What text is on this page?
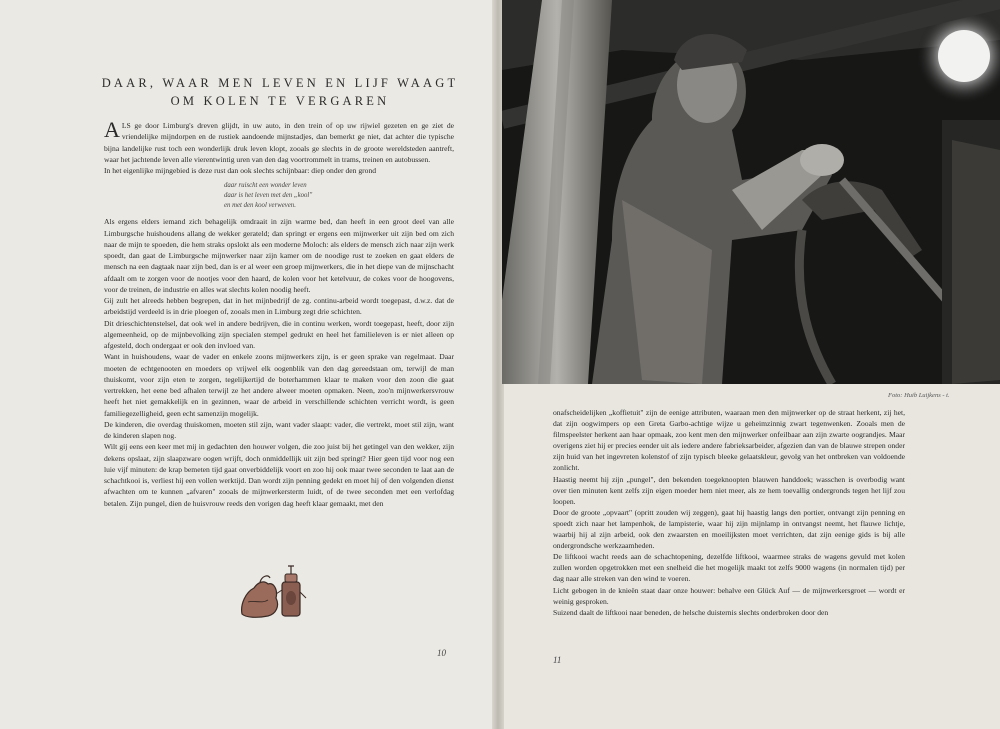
DAAR, WAAR MEN LEVEN EN LIJF WAAGT
OM KOLEN TE VERGAREN

ALS ge door Limburg's dreven glijdt, in uw auto, in den trein of op uw rijwiel gezeten en ge ziet de vriendelijke mijndorpen en de rustiek aandoende mijnstadjes, dan bemerkt ge niet, dat achter die typische bijna landelijke rust toch een wonderlijk druk leven klopt, zooals ge slechts in de groote wereldsteden aantreft, waar het jachtende leven alle vierentwintig uren van den dag voortrommelt in trams, treinen en autobussen.

In het eigenlijke mijngebied is deze rust dan ook slechts schijnbaar: diep onder den grond

daar ruischt een wonder leven
daar is het leven met den „kool"
en met den kool verweven.

Als ergens elders iemand zich behagelijk omdraait in zijn warme bed, dan heeft in een groot deel van alle Limburgsche huishoudens allang de wekker gerateld; dan springt er ergens een mijnwerker uit zijn bed om zich naar de mijn te spoeden, die hem straks opslokt als een moderne Moloch: als elders de mensch zich naar zijn werk spoedt, dan gaat de Limburgsche mijnwerker naar zijn kamer om de noodige rust te zoeken en gaat elders de mensch na een dagtaak naar zijn bed, dan is er al weer een groep mijnwerkers, die in het diepe van de mijnschacht afdaalt om te zorgen voor de nootjes voor den haard, de kolen voor het ketelvuur, de cokes voor de hoogovens, voor de treinen, de industrie en alles wat slechts kolen noodig heeft.

Gij zult het alreeds hebben begrepen, dat in het mijnbedrijf de zg. continu-arbeid wordt toegepast, d.w.z. dat de arbeidstijd verdeeld is in drie ploegen of, zooals men in Limburg zegt drie schichten.

Dit drieschichtenstelsel, dat ook wel in andere bedrijven, die in continu werken, wordt toegepast, heeft, door zijn algemeenheid, op de mijnbevolking zijn specialen stempel gedrukt en heel het familieleven is er niet alleen op afgesteld, doch ondergaat er ook den invloed van.

Want in huishoudens, waar de vader en enkele zoons mijnwerkers zijn, is er geen sprake van regelmaat. Daar moeten de echtgenooten en moeders op vrijwel elk oogenblik van den dag gereedstaan om, terwijl de man thuiskomt, voor zijn eten te zorgen, tegelijkertijd de boterhammen klaar te maken voor den zoon die gaat vertrekken, het eene bed afhalen terwijl ze het andere alweer moeten opmaken. Neen, zoo'n mijnwerkersvrouw heeft het niet gemakkelijk en in gezinnen, waar de arbeid in verschillende schichten verricht wordt, is geen familiegezelligheid, geen echt samenzijn mogelijk.

De kinderen, die overdag thuiskomen, moeten stil zijn, want vader slaapt: vader, die vertrekt, moet stil zijn, want de kinderen slapen nog.

Wilt gij eens een keer met mij in gedachten den houwer volgen, die zoo juist bij het getingel van den wekker, zijn dekens opslaat, zijn slaapzware oogen wrijft, doch onmiddellijk uit zijn bed springt? Hier geen tijd voor nog een luie vijf minuten: de krap bemeten tijd gaat onverbiddelijk voort en zoo hij ook maar twee seconden te laat aan de schachtkooi is, verliest hij een vollen werktijd. Dan wordt zijn penning gedekt en moet hij of den volgenden dienst afwachten om te kunnen „afvaren" zooals de mijnwerkersterm luidt, of de twee seconden met een verlofdag betalen. Zijn pungel, dien de huisvrouw reeds den vorigen dag heeft klaar gemaakt, met den

10
Foto: Huib Luijkens - t.

onafscheidelijken „koffietuit" zijn de eenige attributen, waaraan men den mijnwerker op de straat herkent, zij het, dat zijn oogwimpers op een Greta Garbo-achtige wijze u geheimzinnig zwart tegenwenken. Zooals men de filmspeelster herkent aan haar opmaak, zoo kent men den mijnwerker onfeilbaar aan zijn zwarte oograndjes. Maar overigens ziet hij er precies eender uit als iedere andere fabrieksarbeider, afgezien dan van de blauwe strepen onder zijn huid van het ingevreten kolenstof of zijn typisch bleeke gelaatskleur, gevolg van het ontbreken van voldoende zonlicht.

Haastig neemt hij zijn „pungel", den bekenden toegeknoopten blauwen handdoek; wasschen is overbodig want over tien minuten kent zelfs zijn eigen moeder hem niet meer, als ze hem toevallig ondergronds tegen het lijf zou loopen.

Door de groote „opvaart" (opritt zouden wij zeggen), gaat hij haastig langs den portier, ontvangt zijn penning en spoedt zich naar het lampenhok, de lampisterie, waar hij zijn mijnlamp in ontvangst neemt, het flauwe lichtje, waarbij hij al zijn arbeid, ook den zwaarsten en moeilijksten moet verrichten, dat zijn eenige gids is bij alle ondergrondsche werkzaamheden.

De liftkooi wacht reeds aan de schachtopening, dezelfde liftkooi, waarmee straks de wagens gevuld met kolen zullen worden opgetrokken met een snelheid die het mogelijk maakt tot zelfs 9000 wagens (in normalen tijd) per dag naar alle streken van den wind te voeren.

Licht gebogen in de knieën staat daar onze houwer: behalve een Glück Auf — de mijnwerkersgroet — wordt er weinig gesproken.

Suizend daalt de liftkooi naar beneden, de helsche duisternis slechts onderbroken door den

11
